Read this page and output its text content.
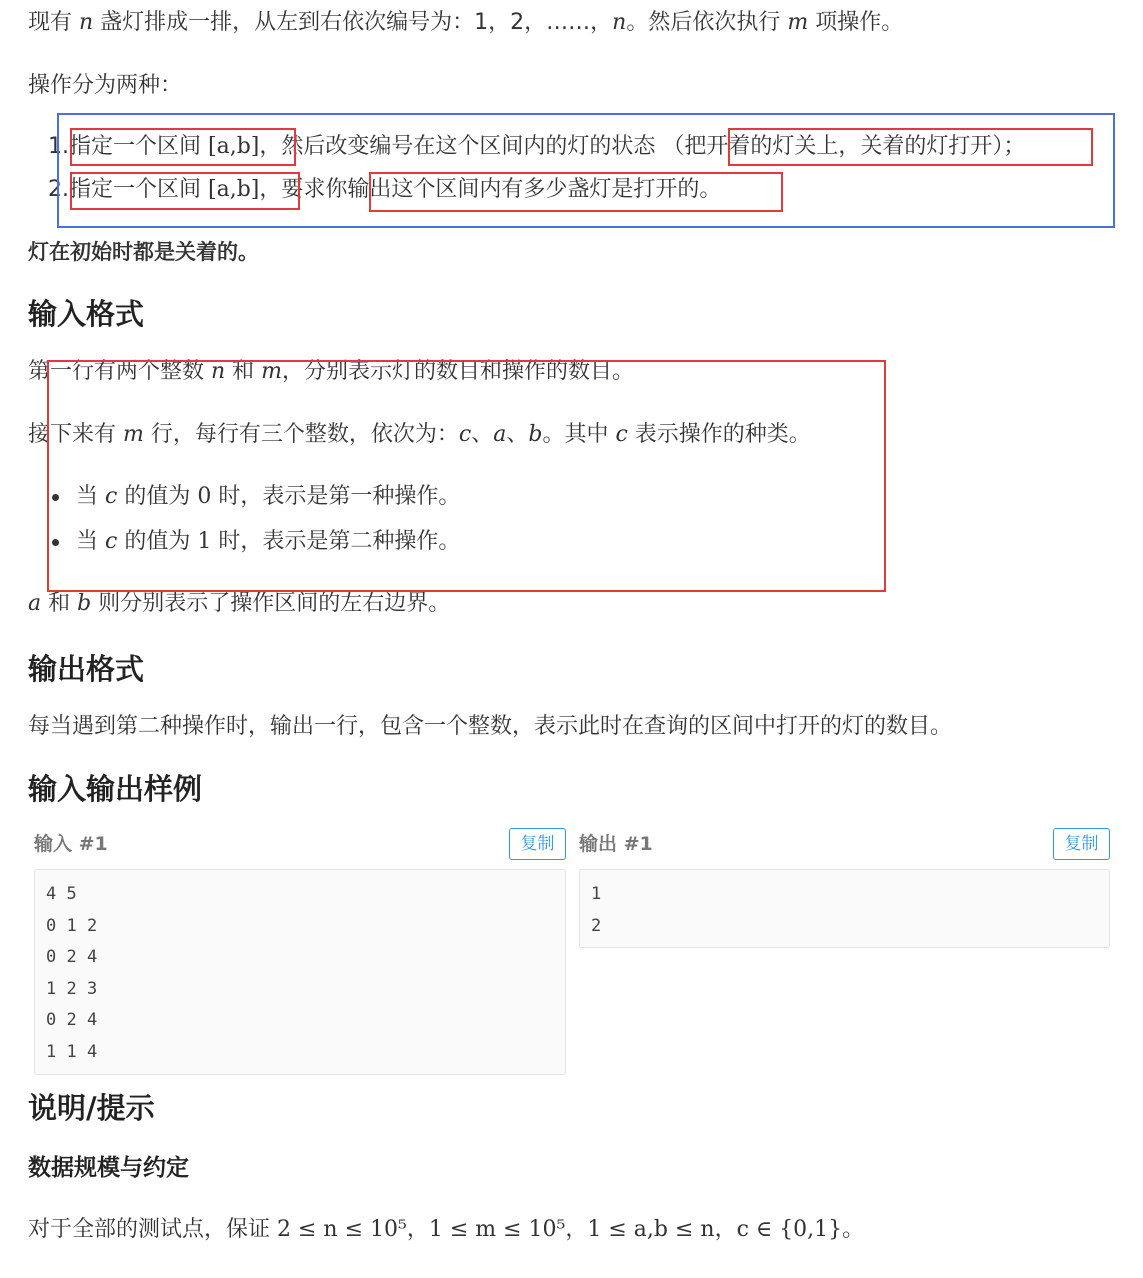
现有 n 盏灯排成一排，从左到右依次编号为：1，2，……，n。然后依次执行 m 项操作。

操作分为两种：

1.指定一个区间 [a,b]，然后改变编号在这个区间内的灯的状态 （把开着的灯关上，关着的灯打开）；

2.指定一个区间 [a,b]，要求你输出这个区间内有多少盏灯是打开的。

灯在初始时都是关着的。

输入格式

第一行有两个整数 n 和 m，分别表示灯的数目和操作的数目。

接下来有 m 行，每行有三个整数，依次为：c、a、b。其中 c 表示操作的种类。

当 c 的值为 0 时，表示是第一种操作。

当 c 的值为 1 时，表示是第二种操作。

a 和 b 则分别表示了操作区间的左右边界。

输出格式

每当遇到第二种操作时，输出一行，包含一个整数，表示此时在查询的区间中打开的灯的数目。

输入输出样例
输入 #1	复制
4 5
0 1 2
0 2 4
1 2 3
0 2 4
1 1 4
输出 #1	复制
1
2
说明/提示
数据规模与约定

对于全部的测试点，保证 2 ≤ n ≤ 10⁵，1 ≤ m ≤ 10⁵，1 ≤ a,b ≤ n，c ∈ {0,1}。
